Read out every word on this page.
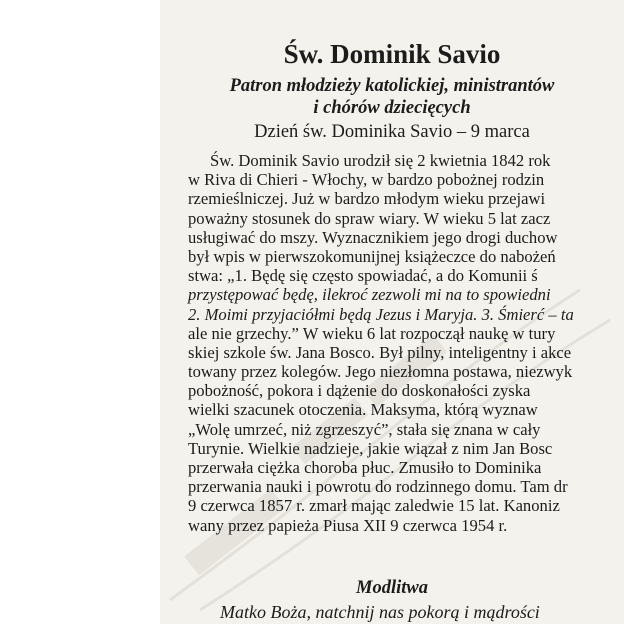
Św. Dominik Savio
Patron młodzieży katolickiej, ministrantów
i chórów dziecięcych
Dzień św. Dominika Savio – 9 marca
Św. Dominik Savio urodził się 2 kwietnia 1842 rok
w Riva di Chieri - Włochy, w bardzo pobożnej rodzin
rzemieślniczej. Już w bardzo młodym wieku przejawi
poważny stosunek do spraw wiary. W wieku 5 lat zacz
usługiwać do mszy. Wyznacznikiem jego drogi duchow
był wpis w pierwszokomunijnej książeczce do nabożeń
stwa: „1. Będę się często spowiadać, a do Komunii ś
przystępować będę, ilekroć zezwoli mi na to spowiedni
2. Moimi przyjaciółmi będą Jezus i Maryja. 3. Śmierć – ta
ale nie grzechy.” W wieku 6 lat rozpoczął naukę w tury
skiej szkole św. Jana Bosco. Był pilny, inteligentny i akce
towany przez kolegów. Jego niezłomna postawa, niezwyk
pobożność, pokora i dążenie do doskonałości zyska
wielki szacunek otoczenia. Maksyma, którą wyznaw
„Wolę umrzeć, niż zgrzeszyć”, stała się znana w cały
Turynie. Wielkie nadzieje, jakie wiązał z nim Jan Bosc
przerwała ciężka choroba płuc. Zmusiło to Dominika
przerwania nauki i powrotu do rodzinnego domu. Tam dr
9 czerwca 1857 r. zmarł mając zaledwie 15 lat. Kanoniz
wany przez papieża Piusa XII 9 czerwca 1954 r.
Modlitwa
Matko Boża, natchnij nas pokorą i mądrości
